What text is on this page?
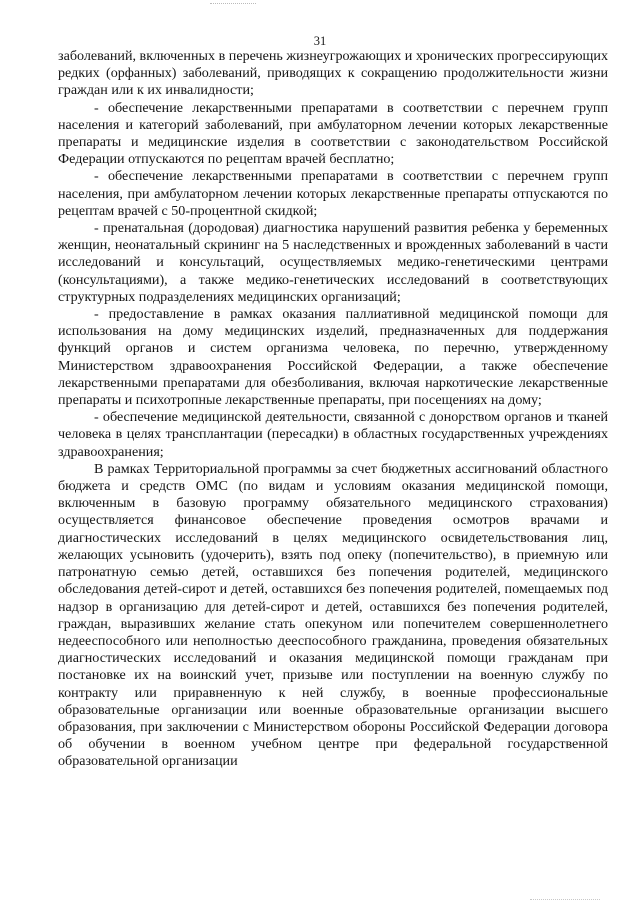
31

заболеваний, включенных в перечень жизнеугрожающих и хронических прогрессирующих редких (орфанных) заболеваний, приводящих к сокращению продолжительности жизни граждан или к их инвалидности;

- обеспечение лекарственными препаратами в соответствии с перечнем групп населения и категорий заболеваний, при амбулаторном лечении которых лекарственные препараты и медицинские изделия в соответствии с законодательством Российской Федерации отпускаются по рецептам врачей бесплатно;

- обеспечение лекарственными препаратами в соответствии с перечнем групп населения, при амбулаторном лечении которых лекарственные препараты отпускаются по рецептам врачей с 50-процентной скидкой;

- пренатальная (дородовая) диагностика нарушений развития ребенка у беременных женщин, неонатальный скрининг на 5 наследственных и врожденных заболеваний в части исследований и консультаций, осуществляемых медико-генетическими центрами (консультациями), а также медико-генетических исследований в соответствующих структурных подразделениях медицинских организаций;

- предоставление в рамках оказания паллиативной медицинской помощи для использования на дому медицинских изделий, предназначенных для поддержания функций органов и систем организма человека, по перечню, утвержденному Министерством здравоохранения Российской Федерации, а также обеспечение лекарственными препаратами для обезболивания, включая наркотические лекарственные препараты и психотропные лекарственные препараты, при посещениях на дому;

- обеспечение медицинской деятельности, связанной с донорством органов и тканей человека в целях трансплантации (пересадки) в областных государственных учреждениях здравоохранения;

В рамках Территориальной программы за счет бюджетных ассигнований областного бюджета и средств ОМС (по видам и условиям оказания медицинской помощи, включенным в базовую программу обязательного медицинского страхования) осуществляется финансовое обеспечение проведения осмотров врачами и диагностических исследований в целях медицинского освидетельствования лиц, желающих усыновить (удочерить), взять под опеку (попечительство), в приемную или патронатную семью детей, оставшихся без попечения родителей, медицинского обследования детей-сирот и детей, оставшихся без попечения родителей, помещаемых под надзор в организацию для детей-сирот и детей, оставшихся без попечения родителей, граждан, выразивших желание стать опекуном или попечителем совершеннолетнего недееспособного или неполностью дееспособного гражданина, проведения обязательных диагностических исследований и оказания медицинской помощи гражданам при постановке их на воинский учет, призыве или поступлении на военную службу по контракту или приравненную к ней службу, в военные профессиональные образовательные организации или военные образовательные организации высшего образования, при заключении с Министерством обороны Российской Федерации договора об обучении в военном учебном центре при федеральной государственной образовательной организации
